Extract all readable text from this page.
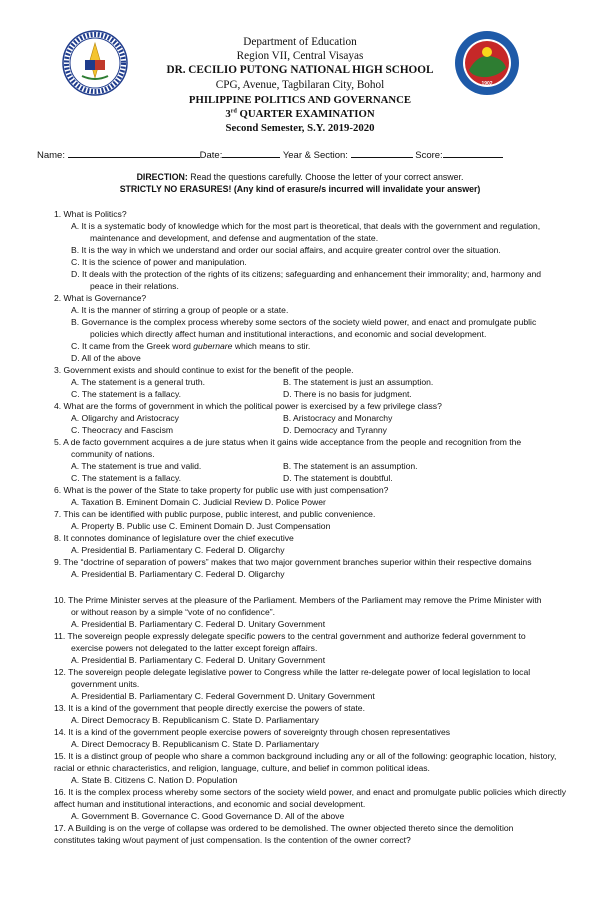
1902
Department of Education
Region VII, Central Visayas
DR. CECILIO PUTONG NATIONAL HIGH SCHOOL
CPG, Avenue, Tagbilaran City, Bohol
PHILIPPINE POLITICS AND GOVERNANCE
3rd QUARTER EXAMINATION
Second Semester, S.Y. 2019-2020
Name:	Date:	Year & Section:	Score:
DIRECTION: Read the questions carefully. Choose the letter of your correct answer.
STRICTLY NO ERASURES! (Any kind of erasure/s incurred will invalidate your answer)
1. What is Politics?
A. It is a systematic body of knowledge which for the most part is theoretical, that deals with the government and regulation,
maintenance and development, and defense and augmentation of the state.
B. It is the way in which we understand and order our social affairs, and acquire greater control over the situation.
C. It is the science of power and manipulation.
D. It deals with the protection of the rights of its citizens; safeguarding and enhancement their immorality; and, harmony and
peace in their relations.
2. What is Governance?
A. It is the manner of stirring a group of people or a state.
B. Governance is the complex process whereby some sectors of the society wield power, and enact and promulgate public
policies which directly affect human and institutional interactions, and economic and social development.
C. It came from the Greek word gubernare which means to stir.
D. All of the above
3. Government exists and should continue to exist for the benefit of the people.
A. The statement is a general truth.	B. The statement is just an assumption.
C. The statement is a fallacy.	D. There is no basis for judgment.
4. What are the forms of government in which the political power is exercised by a few privilege class?
A. Oligarchy and Aristocracy	B. Aristocracy and Monarchy
C. Theocracy and Fascism	D. Democracy and Tyranny
5. A de facto government acquires a de jure status when it gains wide acceptance from the people and recognition from the
community of nations.
A. The statement is true and valid.	B. The statement is an assumption.
C. The statement is a fallacy.	D. The statement is doubtful.
6. What is the power of the State to take property for public use with just compensation?
A. Taxation B. Eminent Domain C. Judicial Review D. Police Power
7. This can be identified with public purpose, public interest, and public convenience.
A. Property B. Public use C. Eminent Domain D. Just Compensation
8. It connotes dominance of legislature over the chief executive
A. Presidential B. Parliamentary C. Federal D. Oligarchy
9. The “doctrine of separation of powers” makes that two major government branches superior within their respective domains
A. Presidential B. Parliamentary C. Federal D. Oligarchy
10. The Prime Minister serves at the pleasure of the Parliament. Members of the Parliament may remove the Prime Minister with
or without reason by a simple “vote of no confidence”.
A. Presidential B. Parliamentary C. Federal D. Unitary Government
11. The sovereign people expressly delegate specific powers to the central government and authorize federal government to
exercise powers not delegated to the latter except foreign affairs.
A. Presidential B. Parliamentary C. Federal D. Unitary Government
12. The sovereign people delegate legislative power to Congress while the latter re-delegate power of local legislation to local
government units.
A. Presidential B. Parliamentary C. Federal Government D. Unitary Government
13. It is a kind of the government that people directly exercise the powers of state.
A. Direct Democracy B. Republicanism C. State D. Parliamentary
14. It is a kind of the government people exercise powers of sovereignty through chosen representatives
A. Direct Democracy B. Republicanism C. State D. Parliamentary
15. It is a distinct group of people who share a common background including any or all of the following: geographic location, history,
racial or ethnic characteristics, and religion, language, culture, and belief in common political ideas.
A. State B. Citizens C. Nation D. Population
16. It is the complex process whereby some sectors of the society wield power, and enact and promulgate public policies which directly
affect human and institutional interactions, and economic and social development.
A. Government B. Governance C. Good Governance D. All of the above
17. A Building is on the verge of collapse was ordered to be demolished. The owner objected thereto since the demolition
constitutes taking w/out payment of just compensation. Is the contention of the owner correct?
